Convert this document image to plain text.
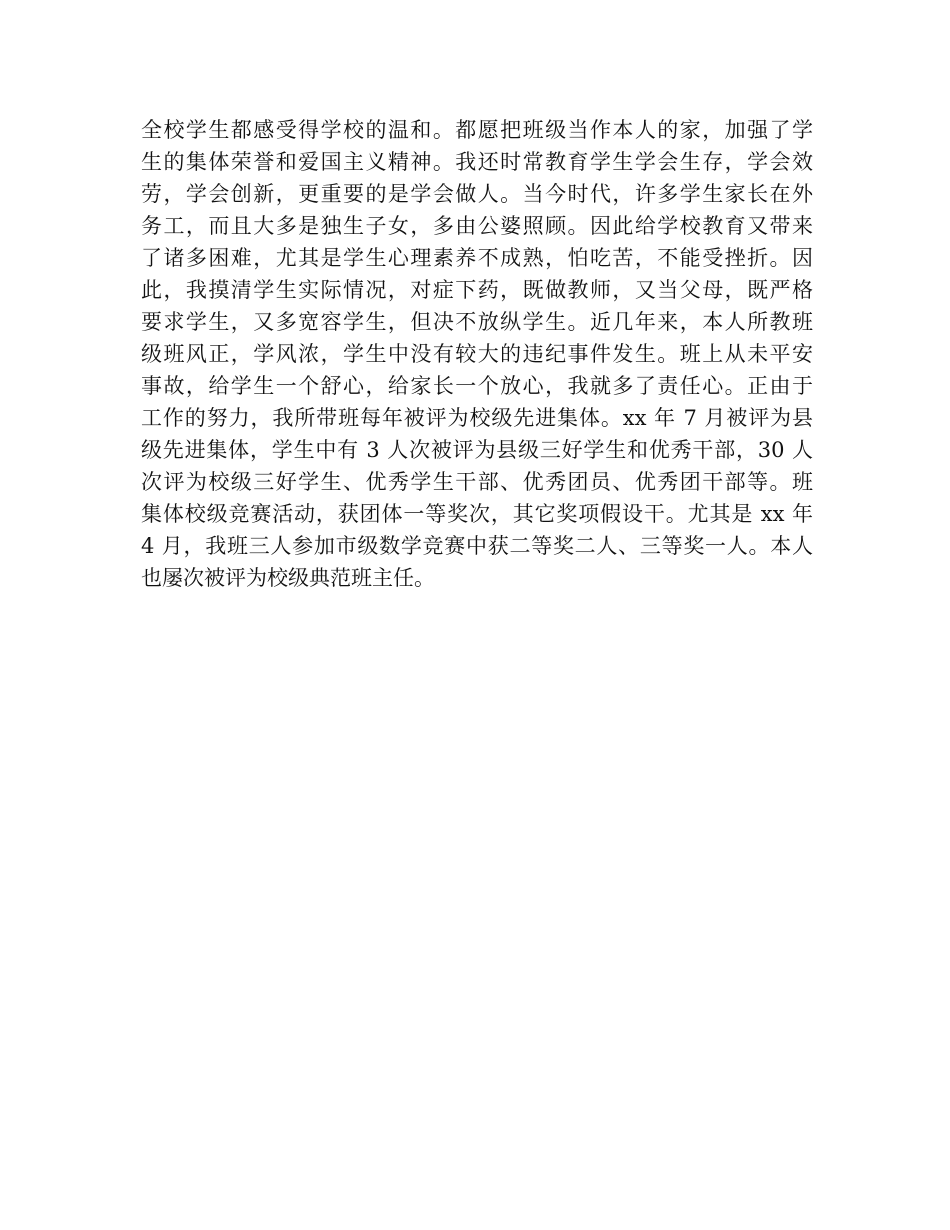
全校学生都感受得学校的温和。都愿把班级当作本人的家，加强了学
生的集体荣誉和爱国主义精神。我还时常教育学生学会生存，学会效
劳，学会创新，更重要的是学会做人。当今时代，许多学生家长在外
务工，而且大多是独生子女，多由公婆照顾。因此给学校教育又带来
了诸多困难，尤其是学生心理素养不成熟，怕吃苦，不能受挫折。因
此，我摸清学生实际情况，对症下药，既做教师，又当父母，既严格
要求学生，又多宽容学生，但决不放纵学生。近几年来，本人所教班
级班风正，学风浓，学生中没有较大的违纪事件发生。班上从未平安
事故，给学生一个舒心，给家长一个放心，我就多了责任心。正由于
工作的努力，我所带班每年被评为校级先进集体。xx 年 7 月被评为县
级先进集体，学生中有 3 人次被评为县级三好学生和优秀干部，30 人
次评为校级三好学生、优秀学生干部、优秀团员、优秀团干部等。班
集体校级竞赛活动，获团体一等奖次，其它奖项假设干。尤其是 xx 年
4 月，我班三人参加市级数学竞赛中获二等奖二人、三等奖一人。本人
也屡次被评为校级典范班主任。
